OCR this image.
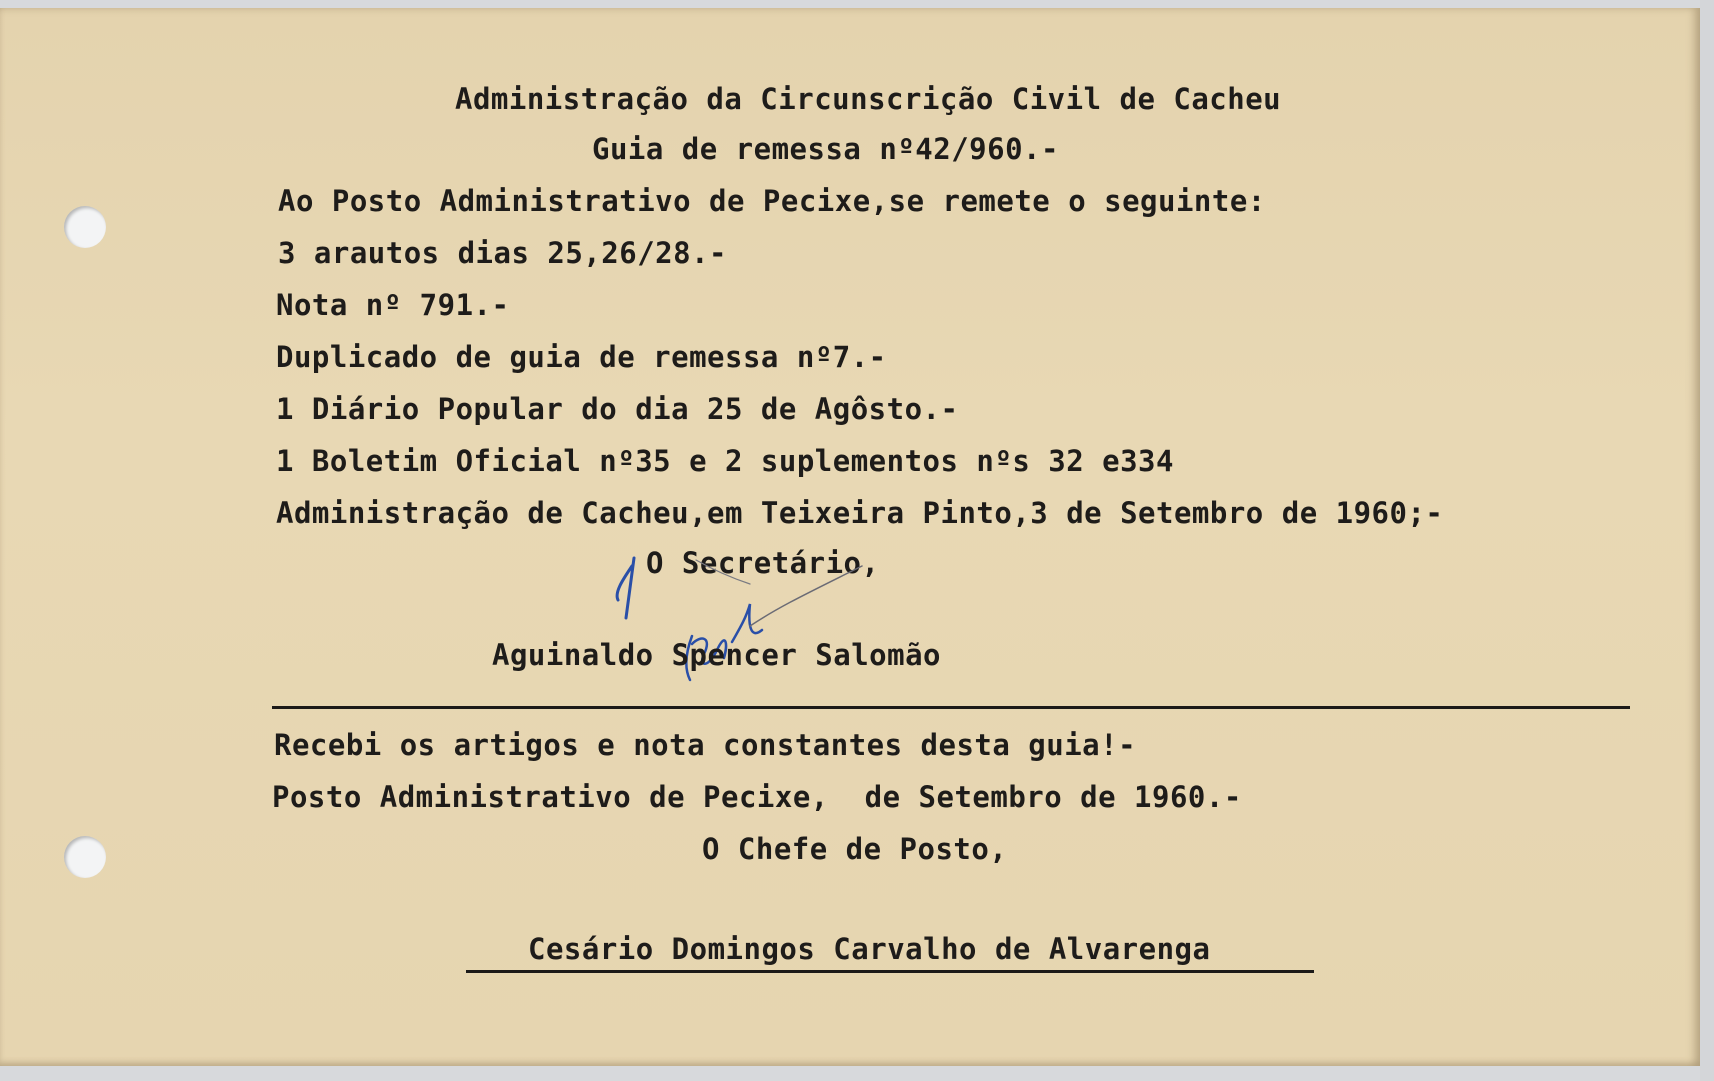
Administração da Circunscrição Civil de Cacheu
Guia de remessa nº42/960.-
Ao Posto Administrativo de Pecixe,se remete o seguinte:
3 arautos dias 25,26/28.-
Nota nº 791.-
Duplicado de guia de remessa nº7.-
1 Diário Popular do dia 25 de Agôsto.-
1 Boletim Oficial nº35 e 2 suplementos nºs 32 e334
Administração de Cacheu,em Teixeira Pinto,3 de Setembro de 1960;-
O Secretário,
Aguinaldo Spencer Salomão
Recebi os artigos e nota constantes desta guia!-
Posto Administrativo de Pecixe,  de Setembro de 1960.-
O Chefe de Posto,
Cesário Domingos Carvalho de Alvarenga
